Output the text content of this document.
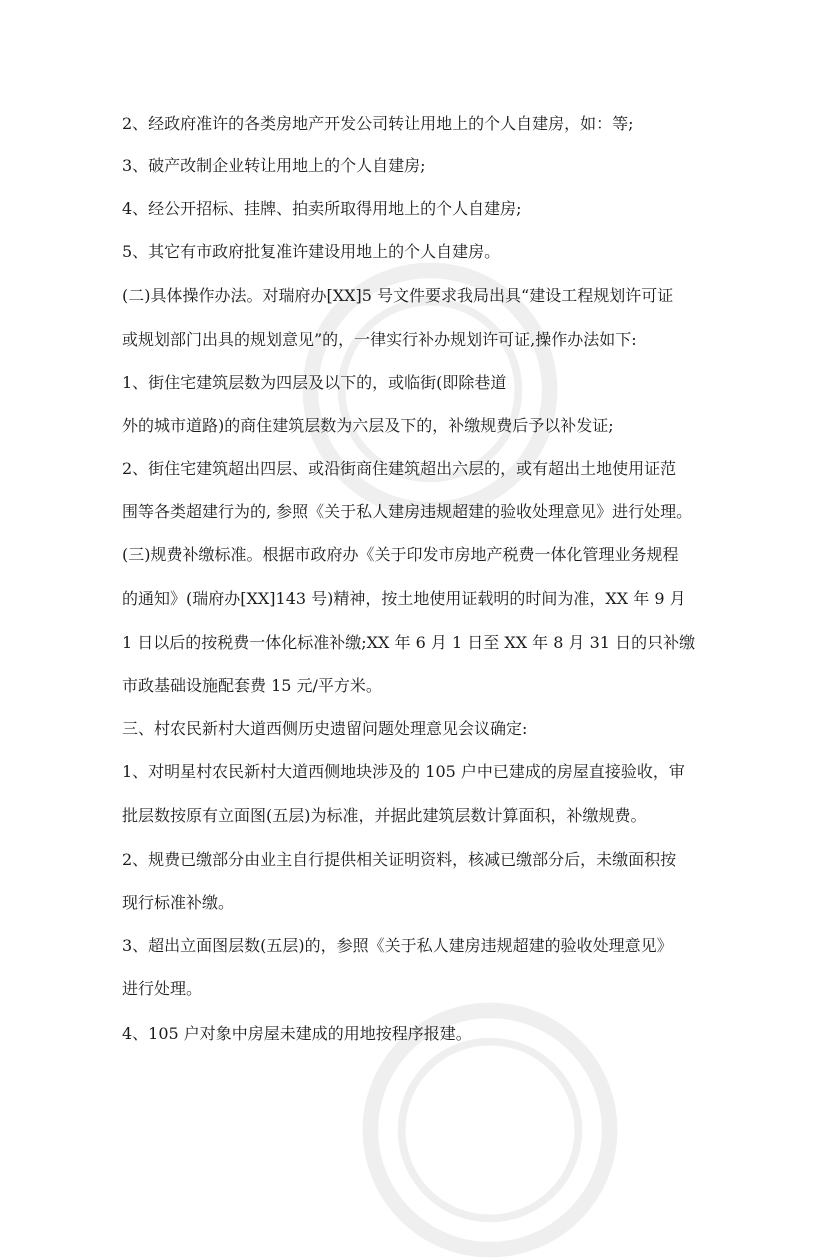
2、经政府准许的各类房地产开发公司转让用地上的个人自建房，如：等;
3、破产改制企业转让用地上的个人自建房;
4、经公开招标、挂牌、拍卖所取得用地上的个人自建房;
5、其它有市政府批复准许建设用地上的个人自建房。
(二)具体操作办法。对瑞府办[XX]5 号文件要求我局出具“建设工程规划许可证
或规划部门出具的规划意见”的，一律实行补办规划许可证,操作办法如下:
1、街住宅建筑层数为四层及以下的，或临街(即除巷道
外的城市道路)的商住建筑层数为六层及下的，补缴规费后予以补发证;
2、街住宅建筑超出四层、或沿街商住建筑超出六层的，或有超出土地使用证范
围等各类超建行为的, 参照《关于私人建房违规超建的验收处理意见》进行处理。
(三)规费补缴标准。根据市政府办《关于印发市房地产税费一体化管理业务规程
的通知》(瑞府办[XX]143 号)精神，按土地使用证载明的时间为准，XX 年 9 月
1 日以后的按税费一体化标准补缴;XX 年 6 月 1 日至 XX 年 8 月 31 日的只补缴
市政基础设施配套费 15 元/平方米。
三、村农民新村大道西侧历史遗留问题处理意见会议确定:
1、对明星村农民新村大道西侧地块涉及的 105 户中已建成的房屋直接验收，审
批层数按原有立面图(五层)为标准，并据此建筑层数计算面积，补缴规费。
2、规费已缴部分由业主自行提供相关证明资料，核减已缴部分后，未缴面积按
现行标准补缴。
3、超出立面图层数(五层)的，参照《关于私人建房违规超建的验收处理意见》
进行处理。
4、105 户对象中房屋未建成的用地按程序报建。
